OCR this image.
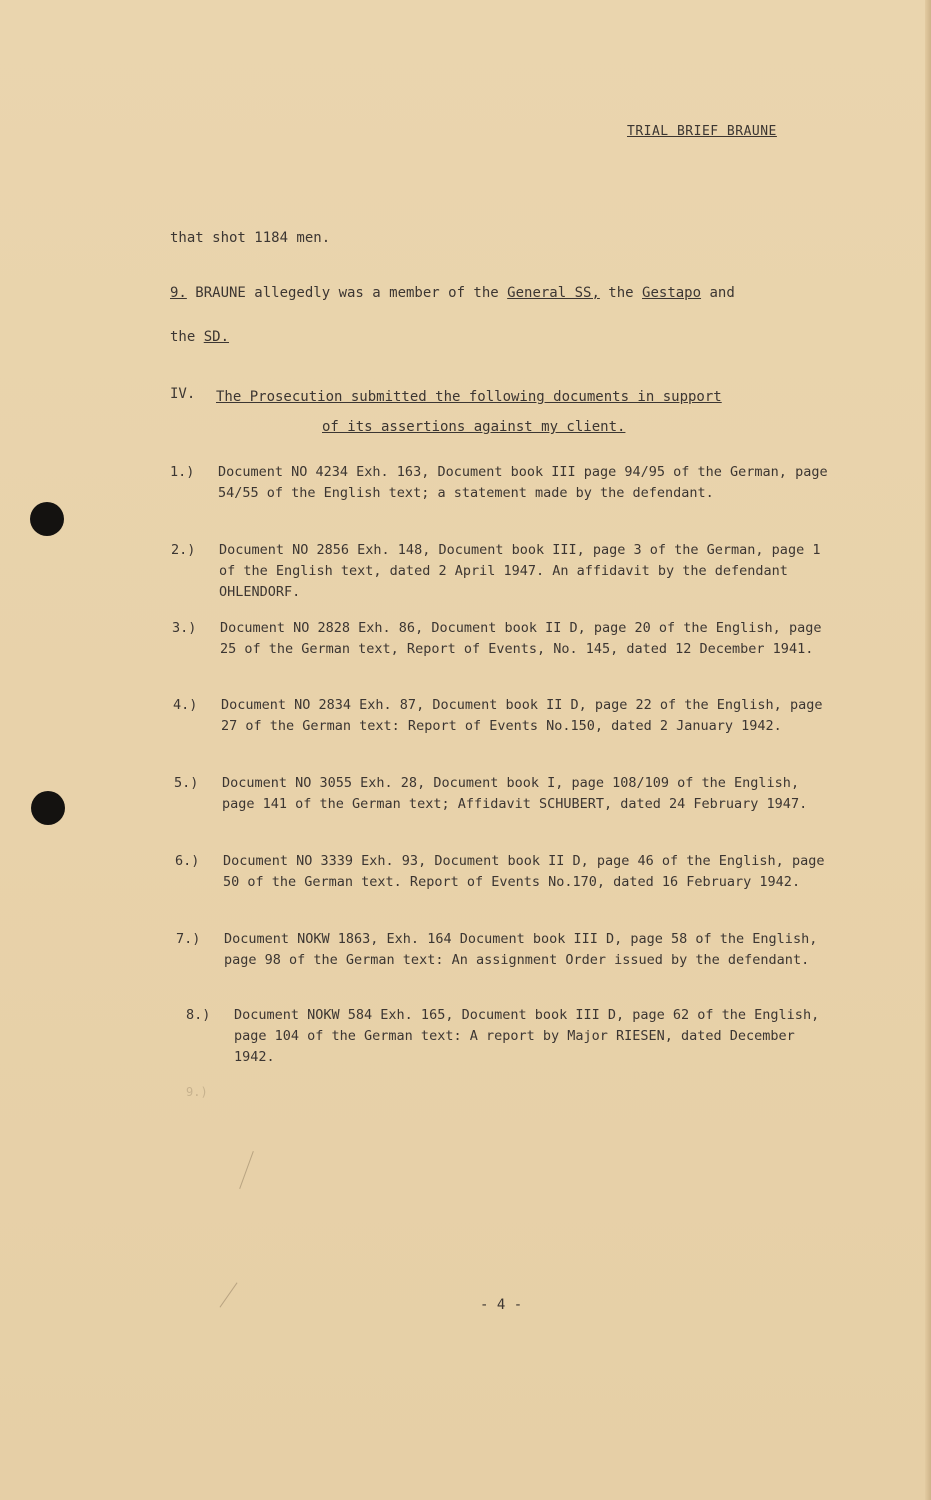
TRIAL BRIEF BRAUNE
that shot 1184 men.
9. BRAUNE allegedly was a member of the General SS, the Gestapo and
the SD.
IV. The Prosecution submitted the following documents in support
of its assertions against my client.
1.) Document NO 4234 Exh. 163, Document book III page 94/95 of the German, page 54/55 of the English text; a statement made by the defendant.
2.) Document NO 2856 Exh. 148, Document book III, page 3 of the German, page 1 of the English text, dated 2 April 1947. An affidavit by the defendant OHLENDORF.
3.) Document NO 2828 Exh. 86, Document book II D, page 20 of the English, page 25 of the German text, Report of Events, No. 145, dated 12 December 1941.
4.) Document NO 2834 Exh. 87, Document book II D, page 22 of the English, page 27 of the German text: Report of Events No.150, dated 2 January 1942.
5.) Document NO 3055 Exh. 28, Document book I, page 108/109 of the English, page 141 of the German text; Affidavit SCHUBERT, dated 24 February 1947.
6.) Document NO 3339 Exh. 93, Document book II D, page 46 of the English, page 50 of the German text. Report of Events No.170, dated 16 February 1942.
7.) Document NOKW 1863, Exh. 164 Document book III D, page 58 of the English, page 98 of the German text: An assignment Order issued by the defendant.
8.) Document NOKW 584 Exh. 165, Document book III D, page 62 of the English, page 104 of the German text: A report by Major RIESEN, dated December 1942.
9.)
- 4 -
